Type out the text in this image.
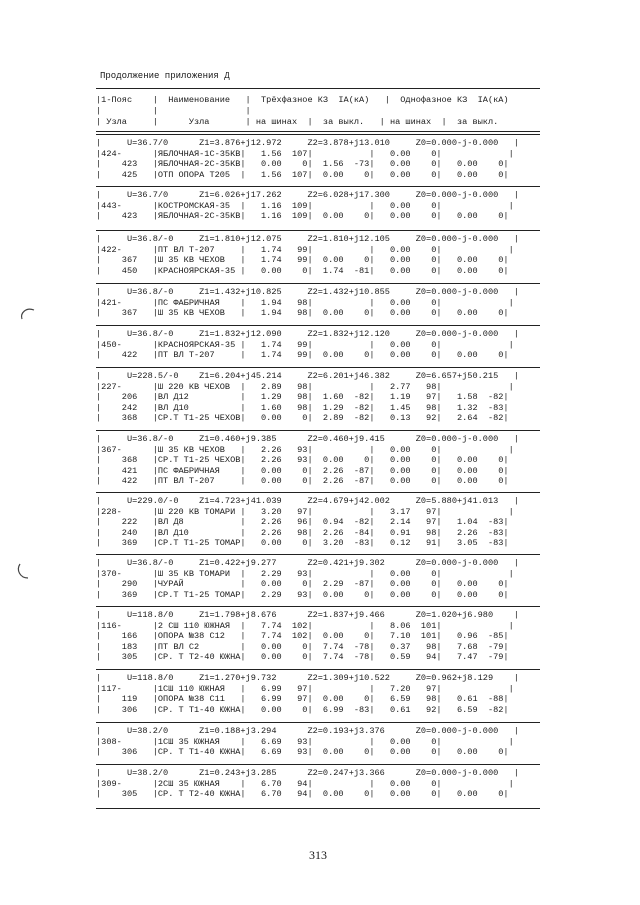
Продолжение приложения Д
|1-Пояс    |  Наименование   |  Трёхфазное КЗ  IA(кА)   |  Однофазное КЗ  IA(кА)
|          |                 |
| Узла     |      Узла       | на шинах  |  за выкл.   | на шинах  |  за выкл.
|     U=36.7/0      Z1=3.876+j12.972     Z2=3.878+j13.010     Z0=0.000-j-0.000   |
|424-      |ЯБЛОЧНАЯ-1С-35КВ|   1.56  107|           |   0.00    0|             |
|    423   |ЯБЛОЧНАЯ-2С-35КВ|   0.00    0|  1.56  -73|   0.00    0|   0.00    0|
|    425   |ОТП ОПОРА Т205  |   1.56  107|  0.00    0|   0.00    0|   0.00    0|
|     U=36.7/0      Z1=6.026+j17.262     Z2=6.028+j17.300     Z0=0.000-j-0.000   |
|443-      |КОСТРОМСКАЯ-35  |   1.16  109|           |   0.00    0|             |
|    423   |ЯБЛОЧНАЯ-2С-35КВ|   1.16  109|  0.00    0|   0.00    0|   0.00    0|
|     U=36.8/-0     Z1=1.810+j12.075     Z2=1.810+j12.105     Z0=0.000-j-0.000   |
|422-      |ПТ ВЛ Т-207     |   1.74   99|           |   0.00    0|             |
|    367   |Ш 35 КВ ЧЕХОВ   |   1.74   99|  0.00    0|   0.00    0|   0.00    0|
|    450   |КРАСНОЯРСКАЯ-35 |   0.00    0|  1.74  -81|   0.00    0|   0.00    0|
|     U=36.8/-0     Z1=1.432+j10.825     Z2=1.432+j10.855     Z0=0.000-j-0.000   |
|421-      |ПС ФАБРИЧНАЯ    |   1.94   98|           |   0.00    0|             |
|    367   |Ш 35 КВ ЧЕХОВ   |   1.94   98|  0.00    0|   0.00    0|   0.00    0|
|     U=36.8/-0     Z1=1.832+j12.090     Z2=1.832+j12.120     Z0=0.000-j-0.000   |
|450-      |КРАСНОЯРСКАЯ-35 |   1.74   99|           |   0.00    0|             |
|    422   |ПТ ВЛ Т-207     |   1.74   99|  0.00    0|   0.00    0|   0.00    0|
|     U=228.5/-0    Z1=6.204+j45.214     Z2=6.201+j46.382     Z0=6.657+j50.215   |
|227-      |Ш 220 КВ ЧЕХОВ  |   2.89   98|           |   2.77   98|             |
|    206   |ВЛ Д12          |   1.29   98|  1.60  -82|   1.19   97|   1.58  -82|
|    242   |ВЛ Д10          |   1.60   98|  1.29  -82|   1.45   98|   1.32  -83|
|    368   |СР.Т Т1-25 ЧЕХОВ|   0.00    0|  2.89  -82|   0.13   92|   2.64  -82|
|     U=36.8/-0     Z1=0.460+j9.385      Z2=0.460+j9.415      Z0=0.000-j-0.000   |
|367-      |Ш 35 КВ ЧЕХОВ   |   2.26   93|           |   0.00    0|             |
|    368   |СР.Т Т1-25 ЧЕХОВ|   2.26   93|  0.00    0|   0.00    0|   0.00    0|
|    421   |ПС ФАБРИЧНАЯ    |   0.00    0|  2.26  -87|   0.00    0|   0.00    0|
|    422   |ПТ ВЛ Т-207     |   0.00    0|  2.26  -87|   0.00    0|   0.00    0|
|     U=229.0/-0    Z1=4.723+j41.039     Z2=4.679+j42.002     Z0=5.880+j41.013   |
|228-      |Ш 220 КВ ТОМАРИ |   3.20   97|           |   3.17   97|             |
|    222   |ВЛ Д8           |   2.26   96|  0.94  -82|   2.14   97|   1.04  -83|
|    240   |ВЛ Д10          |   2.26   98|  2.26  -84|   0.91   98|   2.26  -83|
|    369   |СР.Т Т1-25 ТОМАР|   0.00    0|  3.20  -83|   0.12   91|   3.05  -83|
|     U=36.8/-0     Z1=0.422+j9.277      Z2=0.421+j9.302      Z0=0.000-j-0.000   |
|370-      |Ш 35 КВ ТОМАРИ  |   2.29   93|           |   0.00    0|             |
|    290   |ЧУРАЙ           |   0.00    0|  2.29  -87|   0.00    0|   0.00    0|
|    369   |СР.Т Т1-25 ТОМАР|   2.29   93|  0.00    0|   0.00    0|   0.00    0|
|     U=118.8/0     Z1=1.798+j8.676      Z2=1.837+j9.466      Z0=1.020+j6.980    |
|116-      |2 СШ 110 ЮЖНАЯ  |   7.74  102|           |   8.06  101|             |
|    166   |ОПОРА №38 С12   |   7.74  102|  0.00    0|   7.10  101|   0.96  -85|
|    183   |ПТ ВЛ С2        |   0.00    0|  7.74  -78|   0.37   98|   7.68  -79|
|    305   |СР. Т Т2-40 ЮЖНА|   0.00    0|  7.74  -78|   0.59   94|   7.47  -79|
|     U=118.8/0     Z1=1.270+j9.732      Z2=1.309+j10.522     Z0=0.962+j8.129    |
|117-      |1СШ 110 ЮЖНАЯ   |   6.99   97|           |   7.20   97|             |
|    119   |ОПОРА №38 С11   |   6.99   97|  0.00    0|   6.59   98|   0.61  -88|
|    306   |СР. Т Т1-40 ЮЖНА|   0.00    0|  6.99  -83|   0.61   92|   6.59  -82|
|     U=38.2/0      Z1=0.188+j3.294      Z2=0.193+j3.376      Z0=0.000-j-0.000   |
|308-      |1СШ 35 ЮЖНАЯ    |   6.69   93|           |   0.00    0|             |
|    306   |СР. Т Т1-40 ЮЖНА|   6.69   93|  0.00    0|   0.00    0|   0.00    0|
|     U=38.2/0      Z1=0.243+j3.285      Z2=0.247+j3.366      Z0=0.000-j-0.000   |
|309-      |2СШ 35 ЮЖНАЯ    |   6.70   94|           |   0.00    0|             |
|    305   |СР. Т Т2-40 ЮЖНА|   6.70   94|  0.00    0|   0.00    0|   0.00    0|
313
